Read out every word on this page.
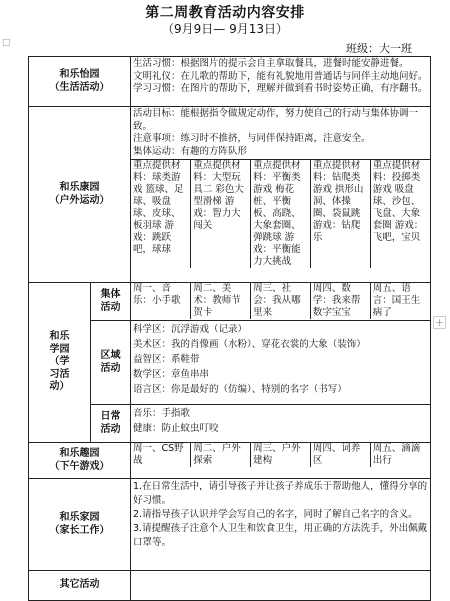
□
第二周教育活动内容安排
（9月9日— 9月13日）
班级：大一班
+
和乐怡园
（生活活动）

生活习惯：根据图片的提示会自主拿取餐具，进餐时能安静进餐。
文明礼仪：在儿歌的帮助下，能有礼貌地用普通话与同伴主动地问好。
学习习惯：在图片的帮助下，理解并做到看书时姿势正确，有序翻书。

和乐康园
（户外运动）

活动目标：能根据指令做规定动作，努力使自己的行动与集体协调一致。
注意事项：练习时不推挤，与同伴保持距离，注意安全。
集体运动：有趣的方阵队形
重点提供材料：球类游戏 篮球、足球、吸盘球、皮球、板羽球 游戏：跳跃吧，球球	重点提供材料：大型玩具二 彩色大型滑梯 游戏：智力大闯关	重点提供材料：平衡类游戏 梅花桩、平衡板、高跷、大象套圈、弹跳球 游戏：平衡能力大挑战	重点提供材料：钻爬类游戏 拱形山洞、体操圈、袋鼠跳 游戏：钻爬乐	重点提供材料：投掷类游戏 吸盘球、沙包、飞盘、大象套圈 游戏：飞吧，宝贝

和乐
学园
（学
习活
动）

集体
活动

周一、音乐：小手歌	周二、美术：教师节贺卡	周三、社会：我从哪里来	周四、数学：我来帮数字宝宝	周五、语言：国王生病了

区域
活动

科学区：沉浮游戏（记录）
美术区：我的肖像画（水粉）、穿花衣裳的大象（装饰）
益智区：系鞋带
数学区：章鱼串串
语言区：你是最好的（仿编）、特别的名字（书写）

日常
活动

音乐：手指歌
健康：防止蚊虫叮咬

和乐趣园
（下午游戏）

周一、CS野战	周二、户外探索	周三、户外建构	周四、词养区	周五、滴滴出行

和乐家园
（家长工作）

1.在日常生活中，请引导孩子并让孩子养成乐于帮助他人，懂得分享的好习惯。
2.请指导孩子认识并学会写自己的名字，同时了解自己名字的含义。
3.请提醒孩子注意个人卫生和饮食卫生，用正确的方法洗手，外出佩戴口罩等。

其它活动	
